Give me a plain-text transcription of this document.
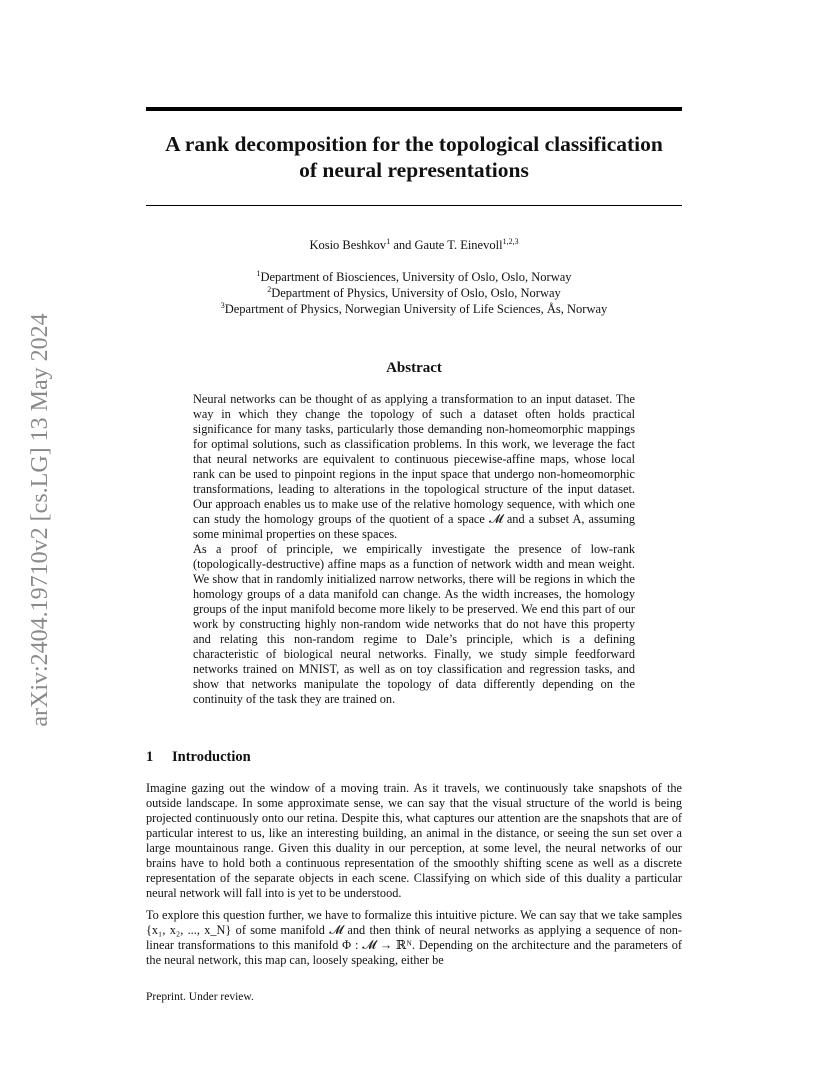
arXiv:2404.19710v2 [cs.LG] 13 May 2024
A rank decomposition for the topological classification
of neural representations
Kosio Beshkov$^1$ and Gaute T. Einevoll$^{1,2,3}$
$^1$Department of Biosciences, University of Oslo, Oslo, Norway
$^2$Department of Physics, University of Oslo, Oslo, Norway
$^3$Department of Physics, Norwegian University of Life Sciences, Ås, Norway
Abstract

Neural networks can be thought of as applying a transformation to an input dataset. The way in which they change the topology of such a dataset often holds practical significance for many tasks, particularly those demanding non-homeomorphic mappings for optimal solutions, such as classification problems. In this work, we leverage the fact that neural networks are equivalent to continuous piecewise-affine maps, whose local rank can be used to pinpoint regions in the input space that undergo non-homeomorphic transformations, leading to alterations in the topological structure of the input dataset. Our approach enables us to make use of the relative homology sequence, with which one can study the homology groups of the quotient of a space 𝓜 and a subset A, assuming some minimal properties on these spaces.

As a proof of principle, we empirically investigate the presence of low-rank (topologically-destructive) affine maps as a function of network width and mean weight. We show that in randomly initialized narrow networks, there will be regions in which the homology groups of a data manifold can change. As the width increases, the homology groups of the input manifold become more likely to be preserved. We end this part of our work by constructing highly non-random wide networks that do not have this property and relating this non-random regime to Dale’s principle, which is a defining characteristic of biological neural networks. Finally, we study simple feedforward networks trained on MNIST, as well as on toy classification and regression tasks, and show that networks manipulate the topology of data differently depending on the continuity of the task they are trained on.

1 Introduction

Imagine gazing out the window of a moving train. As it travels, we continuously take snapshots of the outside landscape. In some approximate sense, we can say that the visual structure of the world is being projected continuously onto our retina. Despite this, what captures our attention are the snapshots that are of particular interest to us, like an interesting building, an animal in the distance, or seeing the sun set over a large mountainous range. Given this duality in our perception, at some level, the neural networks of our brains have to hold both a continuous representation of the smoothly shifting scene as well as a discrete representation of the separate objects in each scene. Classifying on which side of this duality a particular neural network will fall into is yet to be understood.

To explore this question further, we have to formalize this intuitive picture. We can say that we take samples {x₁, x₂, ..., x_N} of some manifold 𝓜 and then think of neural networks as applying a sequence of non-linear transformations to this manifold Φ : 𝓜 → ℝᴺ. Depending on the architecture and the parameters of the neural network, this map can, loosely speaking, either be

Preprint. Under review.
